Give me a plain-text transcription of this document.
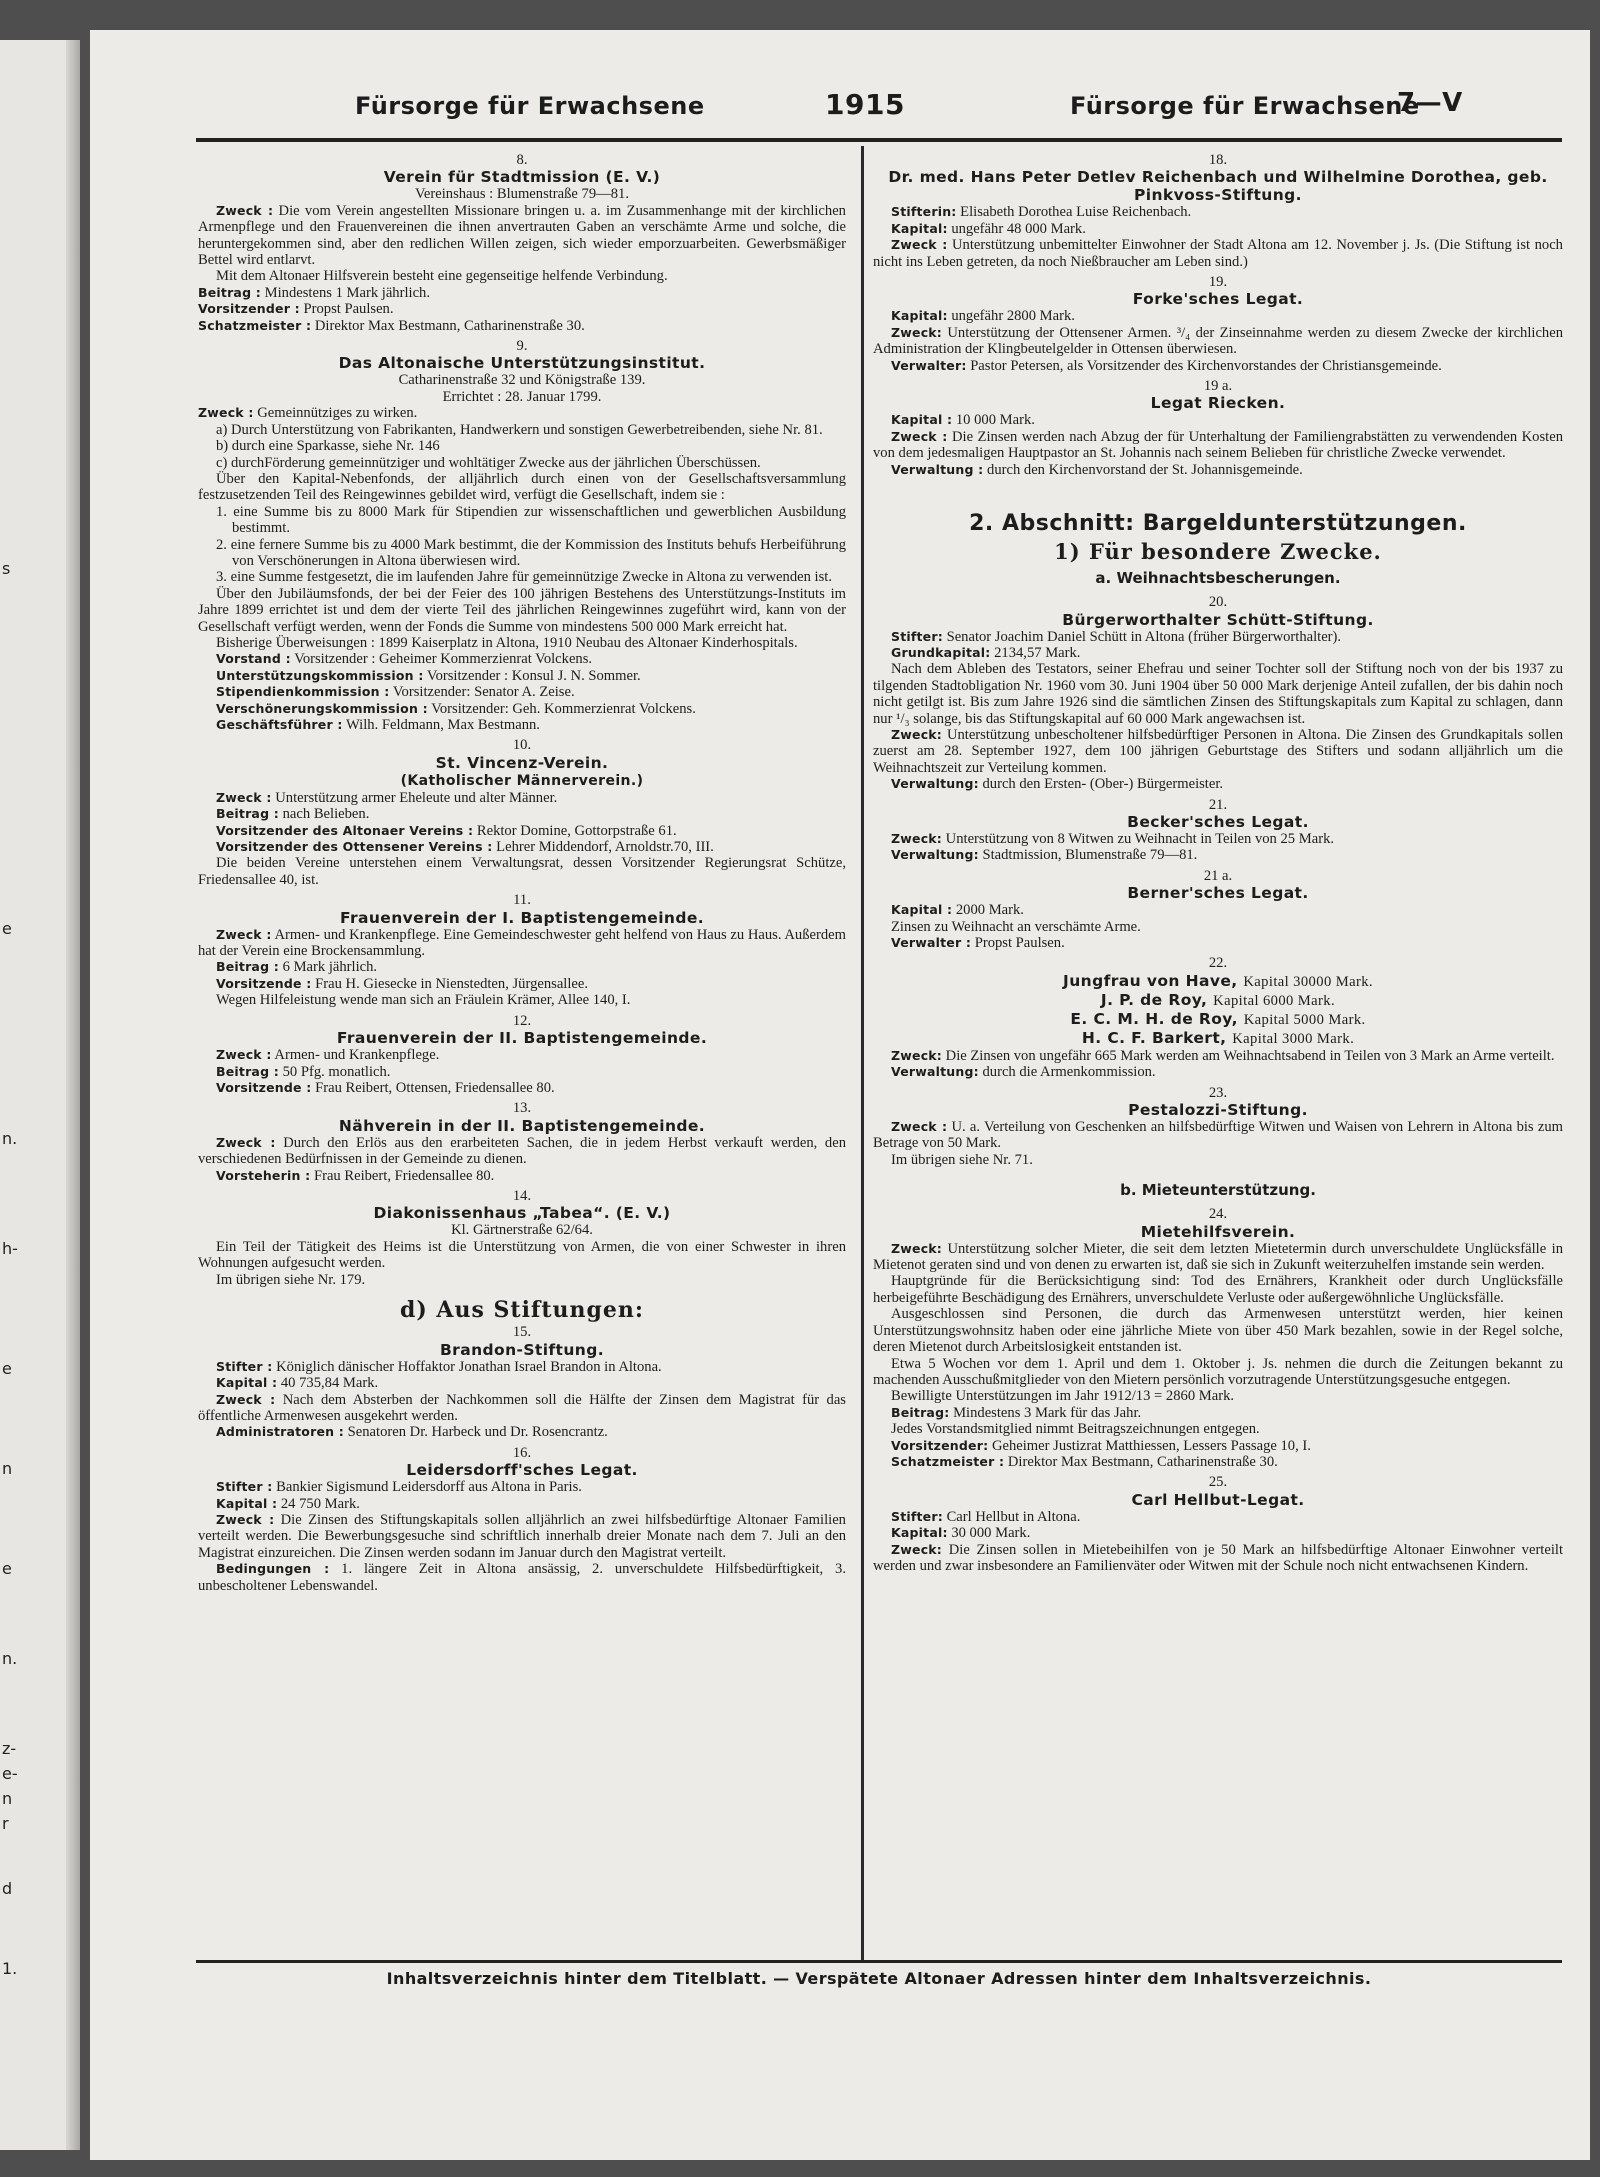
s
e
n.
h-
e
n
e
n.
z-
e-
n
r
d
1.
Fürsorge für Erwachsene	1915	Fürsorge für Erwachsene
7—V
8.
Verein für Stadtmission (E. V.)
Vereinshaus : Blumenstraße 79—81.

Zweck : Die vom Verein angestellten Missionare bringen u. a. im Zusammenhange mit der kirchlichen Armenpflege und den Frauenvereinen die ihnen anvertrauten Gaben an verschämte Arme und solche, die heruntergekommen sind, aber den redlichen Willen zeigen, sich wieder emporzuarbeiten. Gewerbsmäßiger Bettel wird entlarvt.

Mit dem Altonaer Hilfsverein besteht eine gegenseitige helfende Verbindung.

Beitrag : Mindestens 1 Mark jährlich.

Vorsitzender : Propst Paulsen.

Schatzmeister : Direktor Max Bestmann, Catharinenstraße 30.

9.
Das Altonaische Unterstützungsinstitut.
Catharinenstraße 32 und Königstraße 139.
Errichtet : 28. Januar 1799.

Zweck : Gemeinnütziges zu wirken.

a) Durch Unterstützung von Fabrikanten, Handwerkern und sonstigen Gewerbetreibenden, siehe Nr. 81.

b) durch eine Sparkasse, siehe Nr. 146

c) durchFörderung gemeinnütziger und wohltätiger Zwecke aus der jährlichen Überschüssen.

Über den Kapital-Nebenfonds, der alljährlich durch einen von der Gesellschaftsversammlung festzusetzenden Teil des Reingewinnes gebildet wird, verfügt die Gesellschaft, indem sie :

1. eine Summe bis zu 8000 Mark für Stipendien zur wissenschaftlichen und gewerblichen Ausbildung bestimmt.

2. eine fernere Summe bis zu 4000 Mark bestimmt, die der Kommission des Instituts behufs Herbeiführung von Verschönerungen in Altona überwiesen wird.

3. eine Summe festgesetzt, die im laufenden Jahre für gemeinnützige Zwecke in Altona zu verwenden ist.

Über den Jubiläumsfonds, der bei der Feier des 100 jährigen Bestehens des Unterstützungs-Instituts im Jahre 1899 errichtet ist und dem der vierte Teil des jährlichen Reingewinnes zugeführt wird, kann von der Gesellschaft verfügt werden, wenn der Fonds die Summe von mindestens 500 000 Mark erreicht hat.

Bisherige Überweisungen : 1899 Kaiserplatz in Altona, 1910 Neubau des Altonaer Kinderhospitals.

Vorstand : Vorsitzender : Geheimer Kommerzienrat Volckens.

Unterstützungskommission : Vorsitzender : Konsul J. N. Sommer.

Stipendienkommission : Vorsitzender: Senator A. Zeise.

Verschönerungskommission : Vorsitzender: Geh. Kommerzienrat Volckens.

Geschäftsführer : Wilh. Feldmann, Max Bestmann.

10.
St. Vincenz-Verein.
(Katholischer Männerverein.)

Zweck : Unterstützung armer Eheleute und alter Männer.

Beitrag : nach Belieben.

Vorsitzender des Altonaer Vereins : Rektor Domine, Gottorpstraße 61.

Vorsitzender des Ottensener Vereins : Lehrer Middendorf, Arnoldstr.70, III.

Die beiden Vereine unterstehen einem Verwaltungsrat, dessen Vorsitzender Regierungsrat Schütze, Friedensallee 40, ist.

11.
Frauenverein der I. Baptistengemeinde.

Zweck : Armen- und Krankenpflege. Eine Gemeindeschwester geht helfend von Haus zu Haus. Außerdem hat der Verein eine Brockensammlung.

Beitrag : 6 Mark jährlich.

Vorsitzende : Frau H. Giesecke in Nienstedten, Jürgensallee.

Wegen Hilfeleistung wende man sich an Fräulein Krämer, Allee 140, I.

12.
Frauenverein der II. Baptistengemeinde.

Zweck : Armen- und Krankenpflege.

Beitrag : 50 Pfg. monatlich.

Vorsitzende : Frau Reibert, Ottensen, Friedensallee 80.

13.
Nähverein in der II. Baptistengemeinde.

Zweck : Durch den Erlös aus den erarbeiteten Sachen, die in jedem Herbst verkauft werden, den verschiedenen Bedürfnissen in der Gemeinde zu dienen.

Vorsteherin : Frau Reibert, Friedensallee 80.

14.
Diakonissenhaus „Tabea“. (E. V.)
Kl. Gärtnerstraße 62/64.

Ein Teil der Tätigkeit des Heims ist die Unterstützung von Armen, die von einer Schwester in ihren Wohnungen aufgesucht werden.

Im übrigen siehe Nr. 179.

d) Aus Stiftungen:
15.
Brandon-Stiftung.

Stifter : Königlich dänischer Hoffaktor Jonathan Israel Brandon in Altona.

Kapital : 40 735,84 Mark.

Zweck : Nach dem Absterben der Nachkommen soll die Hälfte der Zinsen dem Magistrat für das öffentliche Armenwesen ausgekehrt werden.

Administratoren : Senatoren Dr. Harbeck und Dr. Rosencrantz.

16.
Leidersdorff'sches Legat.

Stifter : Bankier Sigismund Leidersdorff aus Altona in Paris.

Kapital : 24 750 Mark.

Zweck : Die Zinsen des Stiftungskapitals sollen alljährlich an zwei hilfsbedürftige Altonaer Familien verteilt werden. Die Bewerbungsgesuche sind schriftlich innerhalb dreier Monate nach dem 7. Juli an den Magistrat einzureichen. Die Zinsen werden sodann im Januar durch den Magistrat verteilt.

Bedingungen : 1. längere Zeit in Altona ansässig, 2. unverschuldete Hilfsbedürftigkeit, 3. unbescholtener Lebenswandel.

18.
Dr. med. Hans Peter Detlev Reichenbach und Wilhelmine Dorothea, geb. Pinkvoss-Stiftung.

Stifterin: Elisabeth Dorothea Luise Reichenbach.

Kapital: ungefähr 48 000 Mark.

Zweck : Unterstützung unbemittelter Einwohner der Stadt Altona am 12. November j. Js. (Die Stiftung ist noch nicht ins Leben getreten, da noch Nießbraucher am Leben sind.)

19.
Forke'sches Legat.

Kapital: ungefähr 2800 Mark.

Zweck: Unterstützung der Ottensener Armen. ³/₄ der Zinseinnahme werden zu diesem Zwecke der kirchlichen Administration der Klingbeutelgelder in Ottensen überwiesen.

Verwalter: Pastor Petersen, als Vorsitzender des Kirchenvorstandes der Christiansgemeinde.

19 a.
Legat Riecken.

Kapital : 10 000 Mark.

Zweck : Die Zinsen werden nach Abzug der für Unterhaltung der Familiengrabstätten zu verwendenden Kosten von dem jedesmaligen Hauptpastor an St. Johannis nach seinem Belieben für christliche Zwecke verwendet.

Verwaltung : durch den Kirchenvorstand der St. Johannisgemeinde.

2. Abschnitt: Bargeldunterstützungen.
1) Für besondere Zwecke.
a. Weihnachtsbescherungen.
20.
Bürgerworthalter Schütt-Stiftung.

Stifter: Senator Joachim Daniel Schütt in Altona (früher Bürgerworthalter).

Grundkapital: 2134,57 Mark.

Nach dem Ableben des Testators, seiner Ehefrau und seiner Tochter soll der Stiftung noch von der bis 1937 zu tilgenden Stadtobligation Nr. 1960 vom 30. Juni 1904 über 50 000 Mark derjenige Anteil zufallen, der bis dahin noch nicht getilgt ist. Bis zum Jahre 1926 sind die sämtlichen Zinsen des Stiftungskapitals zum Kapital zu schlagen, dann nur ¹/₃ solange, bis das Stiftungskapital auf 60 000 Mark angewachsen ist.

Zweck: Unterstützung unbescholtener hilfsbedürftiger Personen in Altona. Die Zinsen des Grundkapitals sollen zuerst am 28. September 1927, dem 100 jährigen Geburtstage des Stifters und sodann alljährlich um die Weihnachtszeit zur Verteilung kommen.

Verwaltung: durch den Ersten- (Ober-) Bürgermeister.

21.
Becker'sches Legat.

Zweck: Unterstützung von 8 Witwen zu Weihnacht in Teilen von 25 Mark.

Verwaltung: Stadtmission, Blumenstraße 79—81.

21 a.
Berner'sches Legat.

Kapital : 2000 Mark.

Zinsen zu Weihnacht an verschämte Arme.

Verwalter : Propst Paulsen.

22.
Jungfrau von Have, Kapital 30000 Mark.
J. P. de Roy, Kapital 6000 Mark.
E. C. M. H. de Roy, Kapital 5000 Mark.
H. C. F. Barkert, Kapital 3000 Mark.

Zweck: Die Zinsen von ungefähr 665 Mark werden am Weihnachtsabend in Teilen von 3 Mark an Arme verteilt.

Verwaltung: durch die Armenkommission.

23.
Pestalozzi-Stiftung.

Zweck : U. a. Verteilung von Geschenken an hilfsbedürftige Witwen und Waisen von Lehrern in Altona bis zum Betrage von 50 Mark.

Im übrigen siehe Nr. 71.

b. Mieteunterstützung.
24.
Mietehilfsverein.

Zweck: Unterstützung solcher Mieter, die seit dem letzten Mietetermin durch unverschuldete Unglücksfälle in Mietenot geraten sind und von denen zu erwarten ist, daß sie sich in Zukunft weiterzuhelfen imstande sein werden.

Hauptgründe für die Berücksichtigung sind: Tod des Ernährers, Krankheit oder durch Unglücksfälle herbeigeführte Beschädigung des Ernährers, unverschuldete Verluste oder außergewöhnliche Unglücksfälle.

Ausgeschlossen sind Personen, die durch das Armenwesen unterstützt werden, hier keinen Unterstützungswohnsitz haben oder eine jährliche Miete von über 450 Mark bezahlen, sowie in der Regel solche, deren Mietenot durch Arbeitslosigkeit entstanden ist.

Etwa 5 Wochen vor dem 1. April und dem 1. Oktober j. Js. nehmen die durch die Zeitungen bekannt zu machenden Ausschußmitglieder von den Mietern persönlich vorzutragende Unterstützungsgesuche entgegen.

Bewilligte Unterstützungen im Jahr 1912/13 = 2860 Mark.

Beitrag: Mindestens 3 Mark für das Jahr.

Jedes Vorstandsmitglied nimmt Beitragszeichnungen entgegen.

Vorsitzender: Geheimer Justizrat Matthiessen, Lessers Passage 10, I.

Schatzmeister : Direktor Max Bestmann, Catharinenstraße 30.

25.
Carl Hellbut-Legat.

Stifter: Carl Hellbut in Altona.

Kapital: 30 000 Mark.

Zweck: Die Zinsen sollen in Mietebeihilfen von je 50 Mark an hilfsbedürftige Altonaer Einwohner verteilt werden und zwar insbesondere an Familienväter oder Witwen mit der Schule noch nicht entwachsenen Kindern.

Inhaltsverzeichnis hinter dem Titelblatt. — Verspätete Altonaer Adressen hinter dem Inhaltsverzeichnis.
